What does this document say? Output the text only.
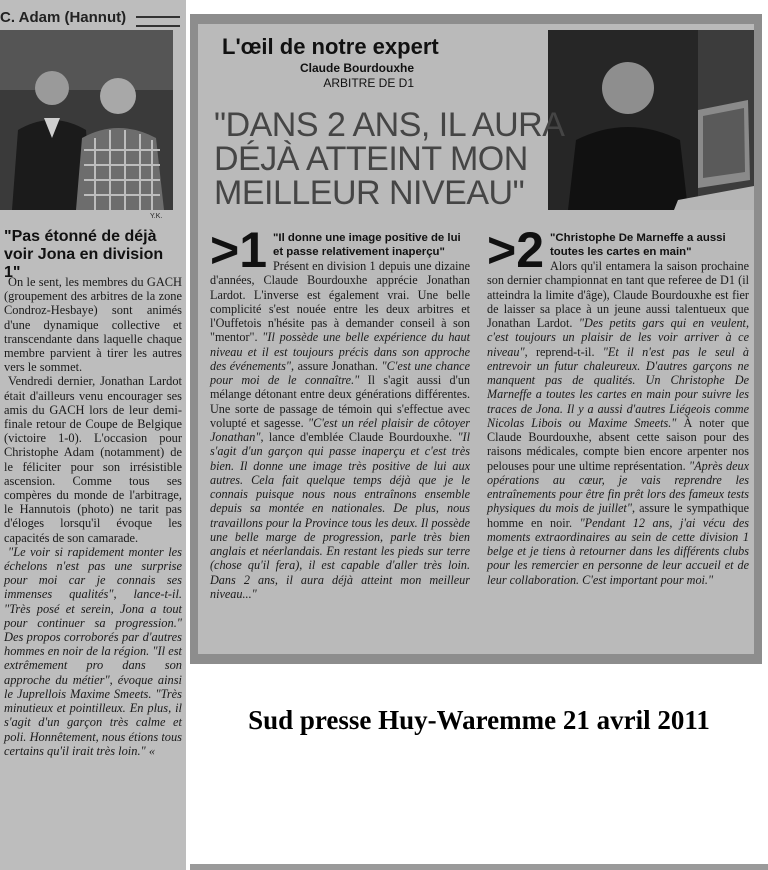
C. Adam (Hannut)
Y.K.
"Pas étonné de déjà voir Jona en division 1"

On le sent, les membres du GACH (groupement des arbitres de la zone Condroz-Hesbaye) sont animés d'une dynamique collective et transcendante dans laquelle chaque membre parvient à tirer les autres vers le sommet.

Vendredi dernier, Jonathan Lardot était d'ailleurs venu encourager ses amis du GACH lors de leur demi-finale retour de Coupe de Belgique (victoire 1-0). L'occasion pour Christophe Adam (notamment) de le féliciter pour son irrésistible ascension. Comme tous ses compères du monde de l'arbitrage, le Hannutois (photo) ne tarit pas d'éloges lorsqu'il évoque les capacités de son camarade.

"Le voir si rapidement monter les échelons n'est pas une surprise pour moi car je connais ses immenses qualités", lance-t-il. "Très posé et serein, Jona a tout pour continuer sa progression." Des propos corroborés par d'autres hommes en noir de la région. "Il est extrêmement pro dans son approche du métier", évoque ainsi le Juprellois Maxime Smeets. "Très minutieux et pointilleux. En plus, il s'agit d'un garçon très calme et poli. Honnêtement, nous étions tous certains qu'il irait très loin." «

L'œil de notre expert
Claude Bourdouxhe
ARBITRE DE D1
"DANS 2 ANS, IL AURA DÉJÀ ATTEINT MON MEILLEUR NIVEAU"
>1 "Il donne une image positive de lui et passe relativement inaperçu"

Présent en division 1 depuis une dizaine d'années, Claude Bourdouxhe apprécie Jonathan Lardot. L'inverse est également vrai. Une belle complicité s'est nouée entre les deux arbitres et l'Ouffetois n'hésite pas à demander conseil à son "mentor". "Il possède une belle expérience du haut niveau et il est toujours précis dans son approche des événements", assure Jonathan. "C'est une chance pour moi de le connaître." Il s'agit aussi d'un mélange détonant entre deux générations différentes. Une sorte de passage de témoin qui s'effectue avec volupté et sagesse. "C'est un réel plaisir de côtoyer Jonathan", lance d'emblée Claude Bourdouxhe. "Il s'agit d'un garçon qui passe inaperçu et c'est très bien. Il donne une image très positive de lui aux autres. Cela fait quelque temps déjà que je le connais puisque nous nous entraînons ensemble depuis sa montée en nationales. De plus, nous travaillons pour la Province tous les deux. Il possède une belle marge de progression, parle très bien anglais et néerlandais. En restant les pieds sur terre (chose qu'il fera), il est capable d'aller très loin. Dans 2 ans, il aura déjà atteint mon meilleur niveau..."

>2 "Christophe De Marneffe a aussi toutes les cartes en main"

Alors qu'il entamera la saison prochaine son dernier championnat en tant que referee de D1 (il atteindra la limite d'âge), Claude Bourdouxhe est fier de laisser sa place à un jeune aussi talentueux que Jonathan Lardot. "Des petits gars qui en veulent, c'est toujours un plaisir de les voir arriver à ce niveau", reprend-t-il. "Et il n'est pas le seul à entrevoir un futur chaleureux. D'autres garçons ne manquent pas de qualités. Un Christophe De Marneffe a toutes les cartes en main pour suivre les traces de Jona. Il y a aussi d'autres Liégeois comme Nicolas Libois ou Maxime Smeets." À noter que Claude Bourdouxhe, absent cette saison pour des raisons médicales, compte bien encore arpenter nos pelouses pour une ultime représentation. "Après deux opérations au cœur, je vais reprendre les entraînements pour être fin prêt lors des fameux tests physiques du mois de juillet", assure le sympathique homme en noir. "Pendant 12 ans, j'ai vécu des moments extraordinaires au sein de cette division 1 belge et je tiens à retourner dans les différents clubs pour les remercier en personne de leur accueil et de leur collaboration. C'est important pour moi."

Sud presse Huy-Waremme 21 avril 2011
